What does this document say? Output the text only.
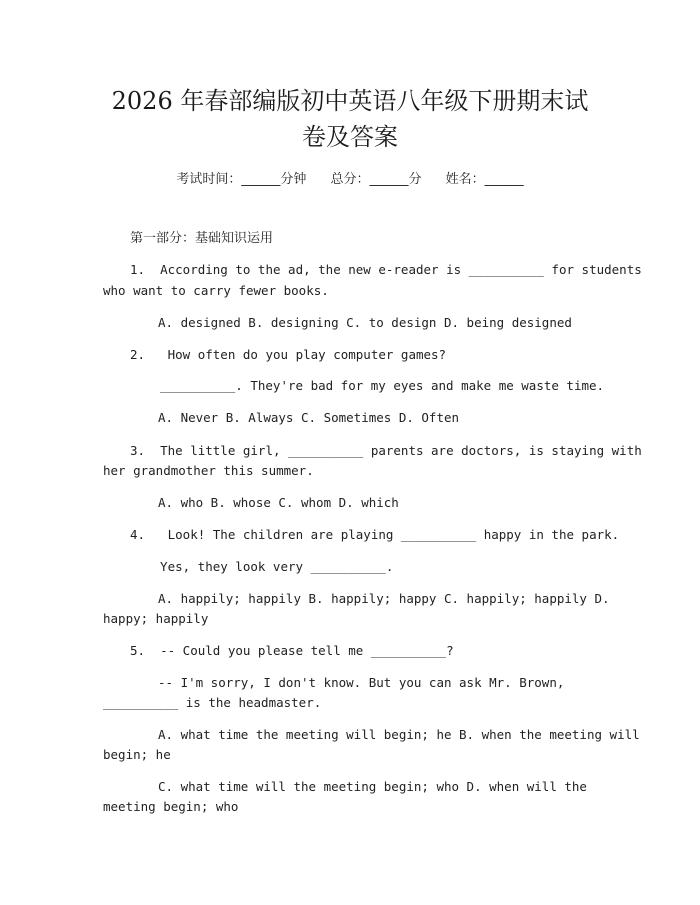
2026 年春部编版初中英语八年级下册期末试
卷及答案
考试时间：______分钟 总分：______分 姓名：______
第一部分：基础知识运用
1.  According to the ad, the new e-reader is __________ for students
who want to carry fewer books.
A. designed B. designing C. to design D. being designed
2.   How often do you play computer games?
__________. They're bad for my eyes and make me waste time.
A. Never B. Always C. Sometimes D. Often
3.  The little girl, __________ parents are doctors, is staying with
her grandmother this summer.
A. who B. whose C. whom D. which
4.   Look! The children are playing __________ happy in the park.
Yes, they look very __________.
A. happily; happily B. happily; happy C. happily; happily D.
happy; happily
5.  -- Could you please tell me __________?
-- I'm sorry, I don't know. But you can ask Mr. Brown,
__________ is the headmaster.
A. what time the meeting will begin; he B. when the meeting will
begin; he
C. what time will the meeting begin; who D. when will the
meeting begin; who
